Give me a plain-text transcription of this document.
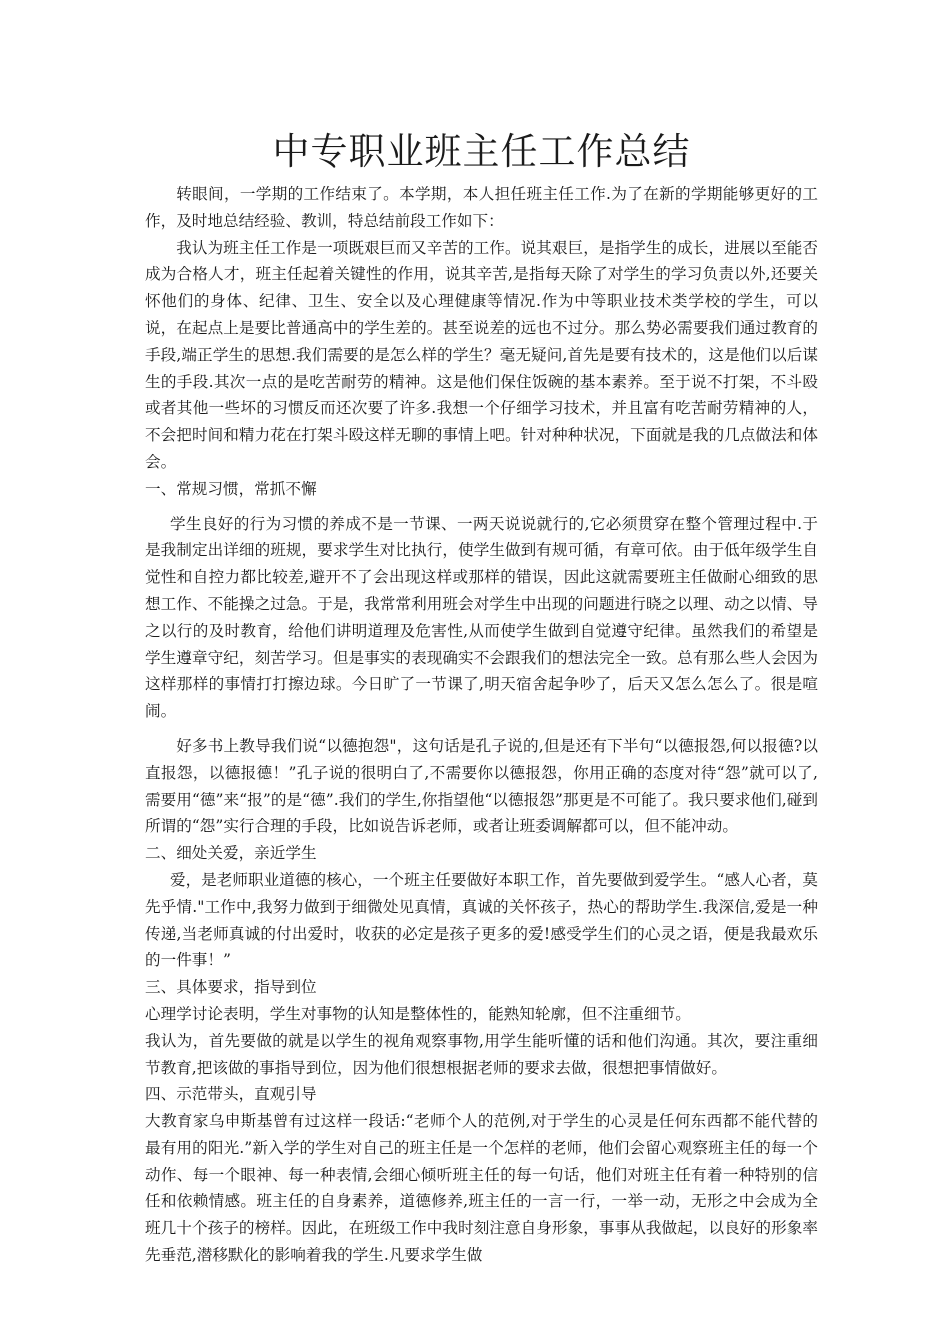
中专职业班主任工作总结

转眼间，一学期的工作结束了。本学期，本人担任班主任工作.为了在新的学期能够更好的工作，及时地总结经验、教训，特总结前段工作如下：

我认为班主任工作是一项既艰巨而又辛苦的工作。说其艰巨，是指学生的成长，进展以至能否成为合格人才，班主任起着关键性的作用，说其辛苦,是指每天除了对学生的学习负责以外,还要关怀他们的身体、纪律、卫生、安全以及心理健康等情况.作为中等职业技术类学校的学生，可以说，在起点上是要比普通高中的学生差的。甚至说差的远也不过分。那么势必需要我们通过教育的手段,端正学生的思想.我们需要的是怎么样的学生？毫无疑问,首先是要有技术的，这是他们以后谋生的手段.其次一点的是吃苦耐劳的精神。这是他们保住饭碗的基本素养。至于说不打架，不斗殴或者其他一些坏的习惯反而还次要了许多.我想一个仔细学习技术，并且富有吃苦耐劳精神的人，不会把时间和精力花在打架斗殴这样无聊的事情上吧。针对种种状况，下面就是我的几点做法和体会。

一、常规习惯，常抓不懈

学生良好的行为习惯的养成不是一节课、一两天说说就行的,它必须贯穿在整个管理过程中.于是我制定出详细的班规，要求学生对比执行，使学生做到有规可循，有章可依。由于低年级学生自觉性和自控力都比较差,避开不了会出现这样或那样的错误，因此这就需要班主任做耐心细致的思想工作、不能操之过急。于是，我常常利用班会对学生中出现的问题进行晓之以理、动之以情、导之以行的及时教育，给他们讲明道理及危害性,从而使学生做到自觉遵守纪律。虽然我们的希望是学生遵章守纪，刻苦学习。但是事实的表现确实不会跟我们的想法完全一致。总有那么些人会因为这样那样的事情打打擦边球。今日旷了一节课了,明天宿舍起争吵了，后天又怎么怎么了。很是喧闹。

好多书上教导我们说“以德抱怨"，这句话是孔子说的,但是还有下半句“以德报怨,何以报德?以直报怨，以德报德！”孔子说的很明白了,不需要你以德报怨，你用正确的态度对待“怨”就可以了,需要用“德”来“报”的是“德”.我们的学生,你指望他“以德报怨”那更是不可能了。我只要求他们,碰到所谓的“怨”实行合理的手段，比如说告诉老师，或者让班委调解都可以，但不能冲动。

二、细处关爱，亲近学生

爱，是老师职业道德的核心，一个班主任要做好本职工作，首先要做到爱学生。“感人心者，莫先乎情."工作中,我努力做到于细微处见真情，真诚的关怀孩子，热心的帮助学生.我深信,爱是一种传递,当老师真诚的付出爱时，收获的必定是孩子更多的爱!感受学生们的心灵之语，便是我最欢乐的一件事！”

三、具体要求，指导到位

心理学讨论表明，学生对事物的认知是整体性的，能熟知轮廓，但不注重细节。

我认为，首先要做的就是以学生的视角观察事物,用学生能听懂的话和他们沟通。其次，要注重细节教育,把该做的事指导到位，因为他们很想根据老师的要求去做，很想把事情做好。

四、示范带头，直观引导

大教育家乌申斯基曾有过这样一段话:“老师个人的范例,对于学生的心灵是任何东西都不能代替的最有用的阳光.”新入学的学生对自己的班主任是一个怎样的老师，他们会留心观察班主任的每一个动作、每一个眼神、每一种表情,会细心倾听班主任的每一句话，他们对班主任有着一种特别的信任和依赖情感。班主任的自身素养，道德修养,班主任的一言一行，一举一动，无形之中会成为全班几十个孩子的榜样。因此，在班级工作中我时刻注意自身形象，事事从我做起，以良好的形象率先垂范,潜移默化的影响着我的学生.凡要求学生做
